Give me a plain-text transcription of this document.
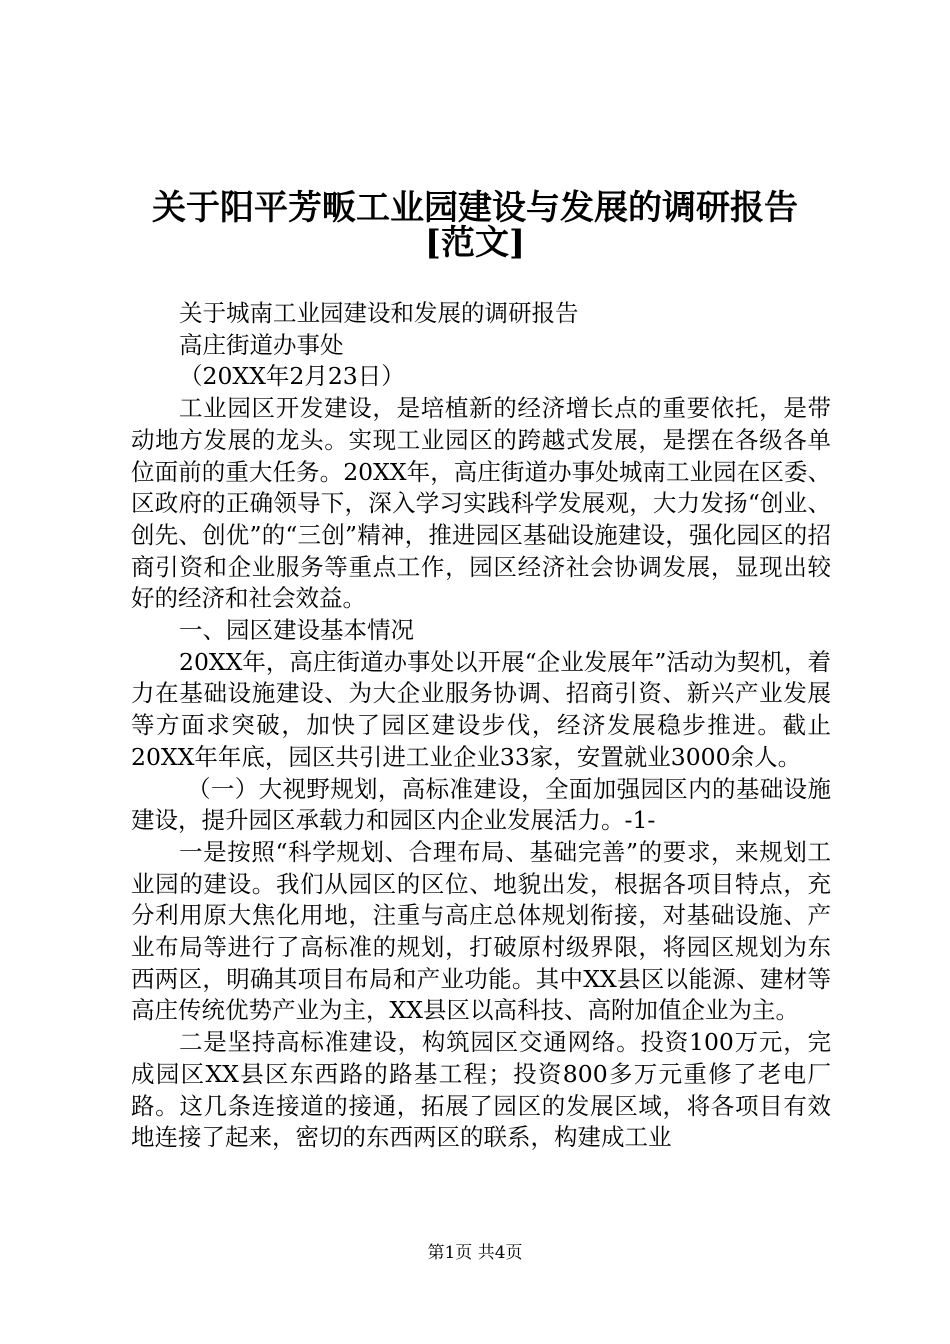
关于阳平芳畈工业园建设与发展的调研报告
[范文]

关于城南工业园建设和发展的调研报告

高庄街道办事处

（20XX年2月23日）

工业园区开发建设，是培植新的经济增长点的重要依托，是带动地方发展的龙头。实现工业园区的跨越式发展，是摆在各级各单位面前的重大任务。20XX年，高庄街道办事处城南工业园在区委、区政府的正确领导下，深入学习实践科学发展观，大力发扬“创业、创先、创优”的“三创”精神，推进园区基础设施建设，强化园区的招商引资和企业服务等重点工作，园区经济社会协调发展，显现出较好的经济和社会效益。

一、园区建设基本情况

20XX年，高庄街道办事处以开展“企业发展年”活动为契机，着力在基础设施建设、为大企业服务协调、招商引资、新兴产业发展等方面求突破，加快了园区建设步伐，经济发展稳步推进。截止20XX年年底，园区共引进工业企业33家，安置就业3000余人。

（一）大视野规划，高标准建设，全面加强园区内的基础设施建设，提升园区承载力和园区内企业发展活力。-1-

一是按照“科学规划、合理布局、基础完善”的要求，来规划工业园的建设。我们从园区的区位、地貌出发，根据各项目特点，充分利用原大焦化用地，注重与高庄总体规划衔接，对基础设施、产业布局等进行了高标准的规划，打破原村级界限，将园区规划为东西两区，明确其项目布局和产业功能。其中XX县区以能源、建材等高庄传统优势产业为主，XX县区以高科技、高附加值企业为主。

二是坚持高标准建设，构筑园区交通网络。投资100万元，完成园区XX县区东西路的路基工程；投资800多万元重修了老电厂路。这几条连接道的接通，拓展了园区的发展区域，将各项目有效地连接了起来，密切的东西两区的联系，构建成工业

第1页 共4页
